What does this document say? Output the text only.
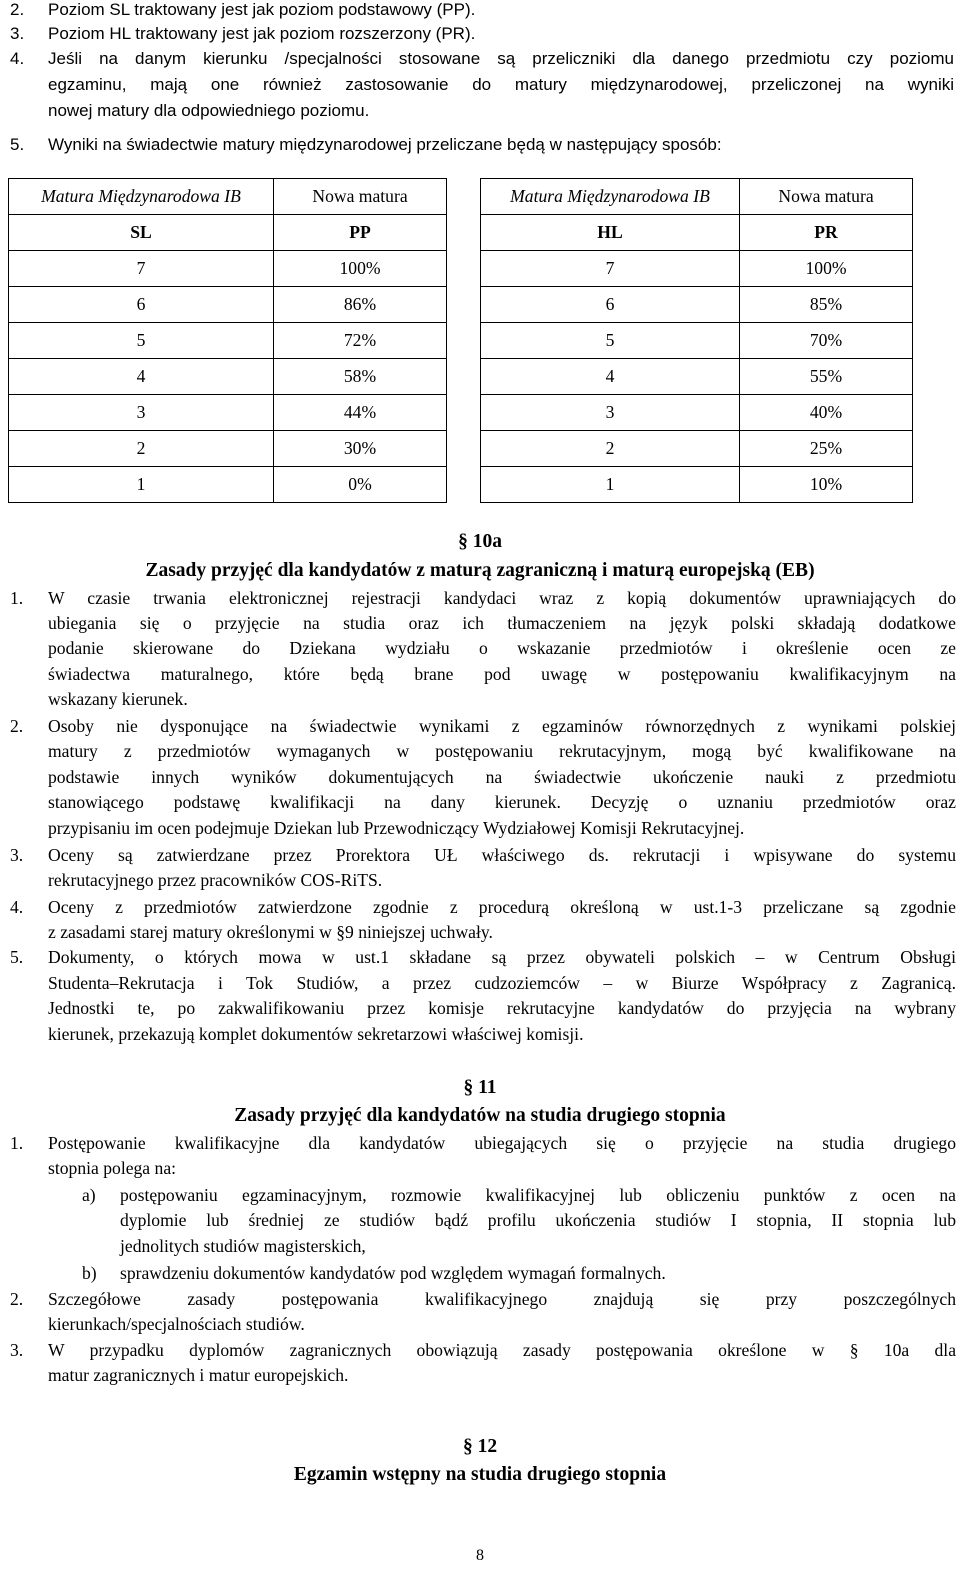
2. Poziom SL traktowany jest jak poziom podstawowy (PP).
3. Poziom HL traktowany jest jak poziom rozszerzony (PR).
4. Jeśli na danym kierunku /specjalności stosowane są przeliczniki dla danego przedmiotu czy poziomu
egzaminu, mają one również zastosowanie do matury międzynarodowej, przeliczonej na wyniki
nowej matury dla odpowiedniego poziomu.
5. Wyniki na świadectwie matury międzynarodowej przeliczane będą w następujący sposób:
Matura Międzynarodowa IB	Nowa matura
SL	PP
7	100%
6	86%
5	72%
4	58%
3	44%
2	30%
1	0%
Matura Międzynarodowa IB	Nowa matura
HL	PR
7	100%
6	85%
5	70%
4	55%
3	40%
2	25%
1	10%
§ 10a
Zasady przyjęć dla kandydatów z maturą zagraniczną i maturą europejską (EB)
1. W czasie trwania elektronicznej rejestracji kandydaci wraz z kopią dokumentów uprawniających do
ubiegania się o przyjęcie na studia oraz ich tłumaczeniem na język polski składają dodatkowe
podanie skierowane do Dziekana wydziału o wskazanie przedmiotów i określenie ocen ze
świadectwa maturalnego, które będą brane pod uwagę w postępowaniu kwalifikacyjnym na
wskazany kierunek.
2. Osoby nie dysponujące na świadectwie wynikami z egzaminów równorzędnych z wynikami polskiej
matury z przedmiotów wymaganych w postępowaniu rekrutacyjnym, mogą być kwalifikowane na
podstawie innych wyników dokumentujących na świadectwie ukończenie nauki z przedmiotu
stanowiącego podstawę kwalifikacji na dany kierunek. Decyzję o uznaniu przedmiotów oraz
przypisaniu im ocen podejmuje Dziekan lub Przewodniczący Wydziałowej Komisji Rekrutacyjnej.
3. Oceny są zatwierdzane przez Prorektora UŁ właściwego ds. rekrutacji i wpisywane do systemu
rekrutacyjnego przez pracowników COS-RiTS.
4. Oceny z przedmiotów zatwierdzone zgodnie z procedurą określoną w ust.1-3 przeliczane są zgodnie
z zasadami starej matury określonymi w §9 niniejszej uchwały.
5. Dokumenty, o których mowa w ust.1 składane są przez obywateli polskich – w Centrum Obsługi
Studenta–Rekrutacja i Tok Studiów, a przez cudzoziemców – w Biurze Współpracy z Zagranicą.
Jednostki te, po zakwalifikowaniu przez komisje rekrutacyjne kandydatów do przyjęcia na wybrany
kierunek, przekazują komplet dokumentów sekretarzowi właściwej komisji.
§ 11
Zasady przyjęć dla kandydatów na studia drugiego stopnia
1. Postępowanie kwalifikacyjne dla kandydatów ubiegających się o przyjęcie na studia drugiego
stopnia polega na:
a) postępowaniu egzaminacyjnym, rozmowie kwalifikacyjnej lub obliczeniu punktów z ocen na
dyplomie lub średniej ze studiów bądź profilu ukończenia studiów I stopnia, II stopnia lub
jednolitych studiów magisterskich,
b) sprawdzeniu dokumentów kandydatów pod względem wymagań formalnych.
2. Szczegółowe zasady postępowania kwalifikacyjnego znajdują się przy poszczególnych
kierunkach/specjalnościach studiów.
3. W przypadku dyplomów zagranicznych obowiązują zasady postępowania określone w § 10a dla
matur zagranicznych i matur europejskich.
§ 12
Egzamin wstępny na studia drugiego stopnia
8
